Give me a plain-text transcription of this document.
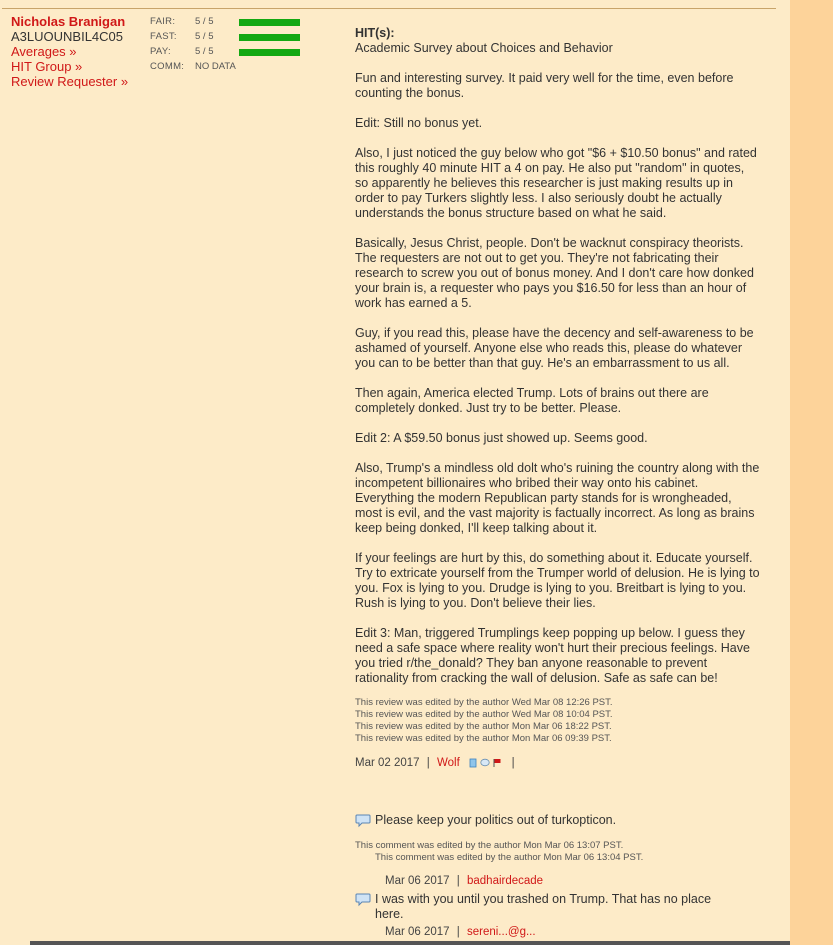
Nicholas Branigan
A3LUOUNBIL4C05
Averages »
HIT Group »
Review Requester »
FAIR:	5 / 5
FAST:	5 / 5
PAY:	5 / 5
COMM:	NO DATA
HIT(s):

Academic Survey about Choices and Behavior

Fun and interesting survey. It paid very well for the time, even before counting the bonus.

Edit: Still no bonus yet.

Also, I just noticed the guy below who got "$6 + $10.50 bonus" and rated this roughly 40 minute HIT a 4 on pay. He also put "random" in quotes, so apparently he believes this researcher is just making results up in order to pay Turkers slightly less. I also seriously doubt he actually understands the bonus structure based on what he said.

Basically, Jesus Christ, people. Don't be wacknut conspiracy theorists. The requesters are not out to get you. They're not fabricating their research to screw you out of bonus money. And I don't care how donked your brain is, a requester who pays you $16.50 for less than an hour of work has earned a 5.

Guy, if you read this, please have the decency and self-awareness to be ashamed of yourself. Anyone else who reads this, please do whatever you can to be better than that guy. He's an embarrassment to us all.

Then again, America elected Trump. Lots of brains out there are completely donked. Just try to be better. Please.

Edit 2: A $59.50 bonus just showed up. Seems good.

Also, Trump's a mindless old dolt who's ruining the country along with the incompetent billionaires who bribed their way onto his cabinet. Everything the modern Republican party stands for is wrongheaded, most is evil, and the vast majority is factually incorrect. As long as brains keep being donked, I'll keep talking about it.

If your feelings are hurt by this, do something about it. Educate yourself. Try to extricate yourself from the Trumper world of delusion. He is lying to you. Fox is lying to you. Drudge is lying to you. Breitbart is lying to you. Rush is lying to you. Don't believe their lies.

Edit 3: Man, triggered Trumplings keep popping up below. I guess they need a safe space where reality won't hurt their precious feelings. Have you tried r/the_donald? They ban anyone reasonable to prevent rationality from cracking the wall of delusion. Safe as safe can be!

This review was edited by the author Wed Mar 08 12:26 PST.
This review was edited by the author Wed Mar 08 10:04 PST.
This review was edited by the author Mon Mar 06 18:22 PST.
This review was edited by the author Mon Mar 06 09:39 PST.
Mar 02 2017 | Wolf	|
Please keep your politics out of turkopticon.
This comment was edited by the author Mon Mar 06 13:07 PST.
This comment was edited by the author Mon Mar 06 13:04 PST.
Mar 06 2017 | badhairdecade
I was with you until you trashed on Trump. That has no place here.
Mar 06 2017 | sereni...@g...
